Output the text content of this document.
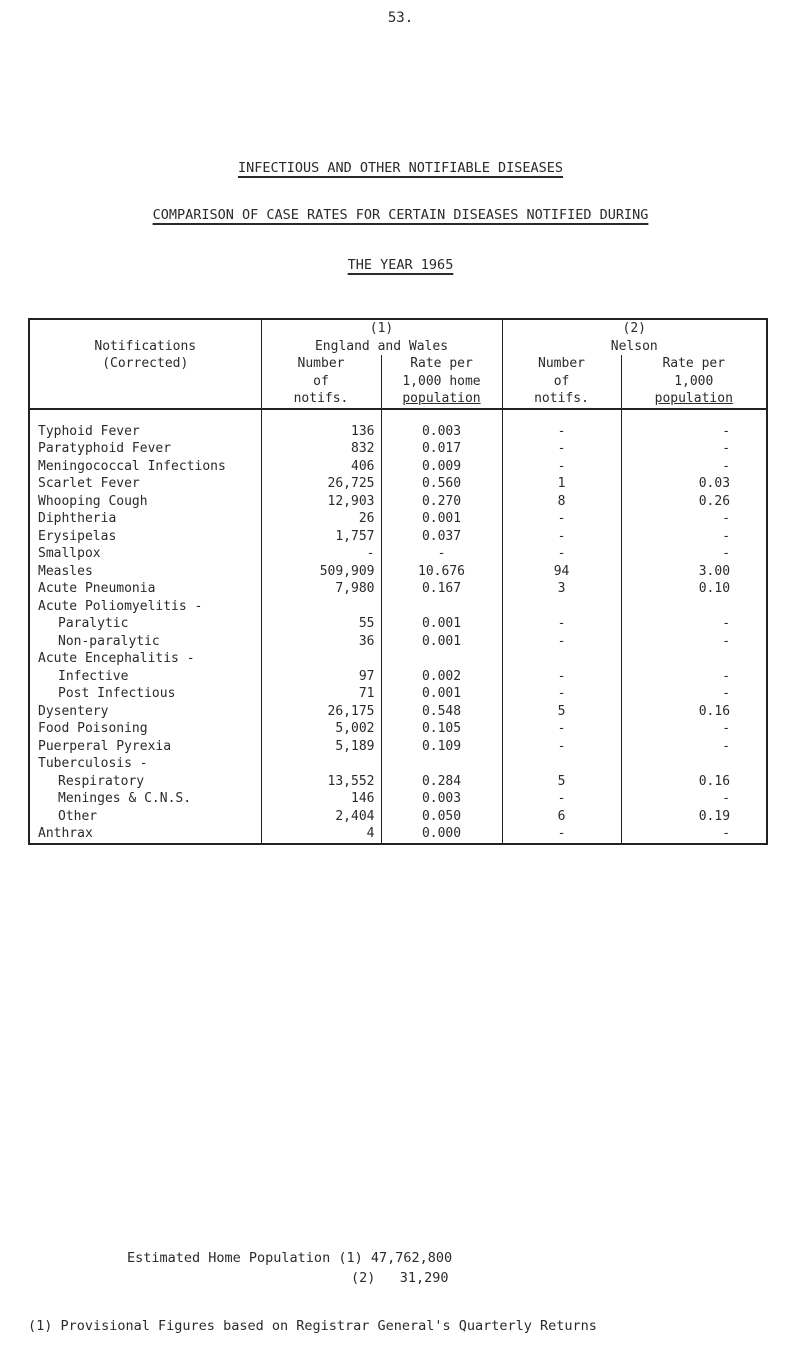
53.
INFECTIOUS AND OTHER NOTIFIABLE DISEASES
COMPARISON OF CASE RATES FOR CERTAIN DISEASES NOTIFIED DURING
THE YEAR 1965
	(1)		(2)	
Notifications	England and Wales		Nelson	
(Corrected)	Number	Rate per	Number	Rate per
	of	1,000 home	of	1,000
	notifs.	population	notifs.	population

Typhoid Fever	136	0.003	-	-
Paratyphoid Fever	832	0.017	-	-
Meningococcal Infections	406	0.009	-	-
Scarlet Fever	26,725	0.560	1	0.03
Whooping Cough	12,903	0.270	8	0.26
Diphtheria	26	0.001	-	-
Erysipelas	1,757	0.037	-	-
Smallpox	-	-	-	-
Measles	509,909	10.676	94	3.00
Acute Pneumonia	7,980	0.167	3	0.10
Acute Poliomyelitis -				
Paralytic	55	0.001	-	-
Non-paralytic	36	0.001	-	-
Acute Encephalitis -				
Infective	97	0.002	-	-
Post Infectious	71	0.001	-	-
Dysentery	26,175	0.548	5	0.16
Food Poisoning	5,002	0.105	-	-
Puerperal Pyrexia	5,189	0.109	-	-
Tuberculosis -				
Respiratory	13,552	0.284	5	0.16
Meninges & C.N.S.	146	0.003	-	-
Other	2,404	0.050	6	0.19
Anthrax	4	0.000	-	-
Estimated Home Population (1) 47,762,800
(2) 31,290
(1) Provisional Figures based on Registrar General's Quarterly Returns
